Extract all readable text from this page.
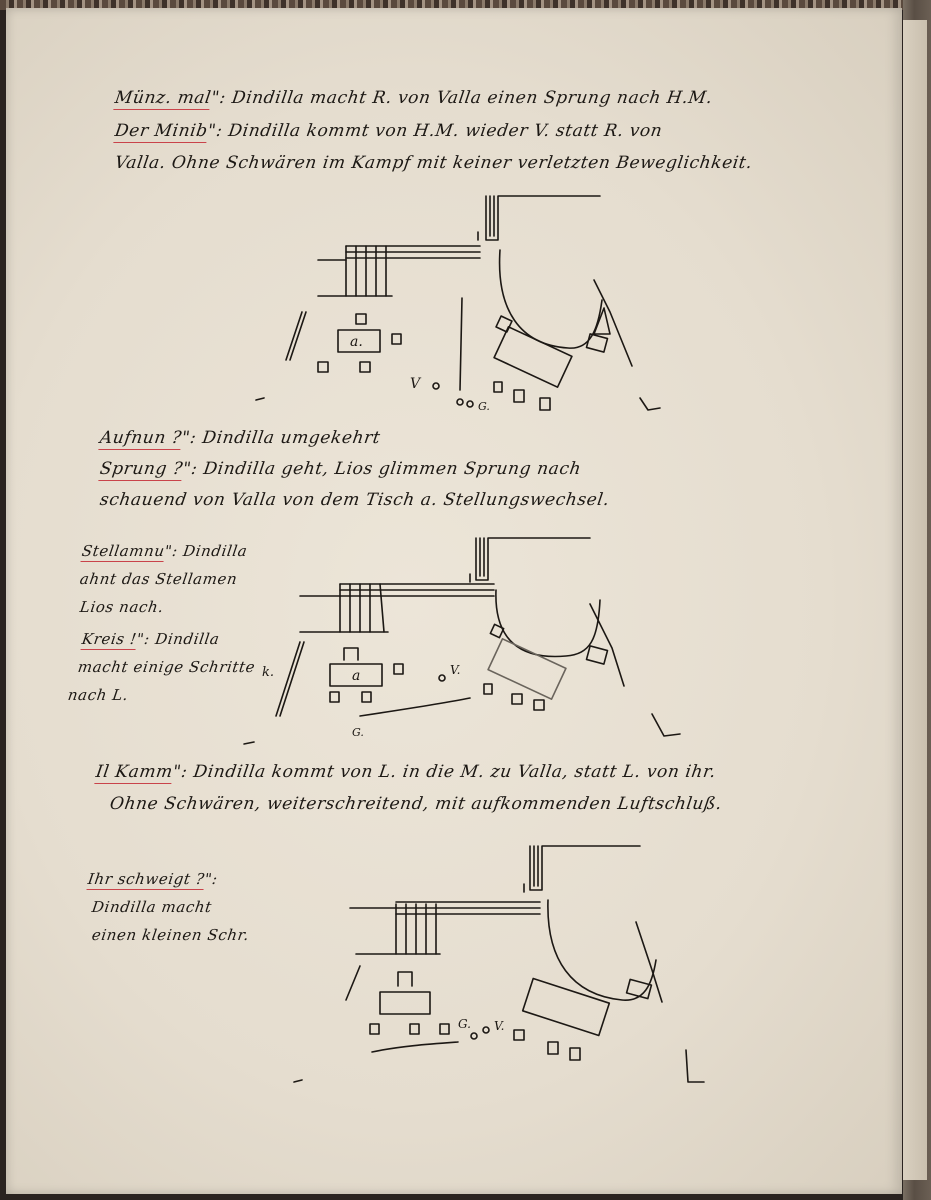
Münz. mal": Dindilla macht R. von Valla einen Sprung nach H.M.
Der Minib": Dindilla kommt von H.M. wieder V. statt R. von
Valla. Ohne Schwären im Kampf mit keiner verletzten Beweglichkeit.
a.
V
G.
Aufnun ?": Dindilla umgekehrt
Sprung ?": Dindilla geht, Lios glimmen Sprung nach
schauend von Valla von dem Tisch a. Stellungswechsel.
Stellamnu": Dindilla
ahnt das Stellamen
Lios nach.
Kreis !": Dindilla
macht einige Schritte
nach L.
a
k.	V.
G.
Il Kamm": Dindilla kommt von L. in die M. zu Valla, statt L. von ihr.
Ohne Schwären, weiterschreitend, mit aufkommenden Luftschluß.
Ihr schweigt ?":
Dindilla macht
einen kleinen Schr.
G. V.
